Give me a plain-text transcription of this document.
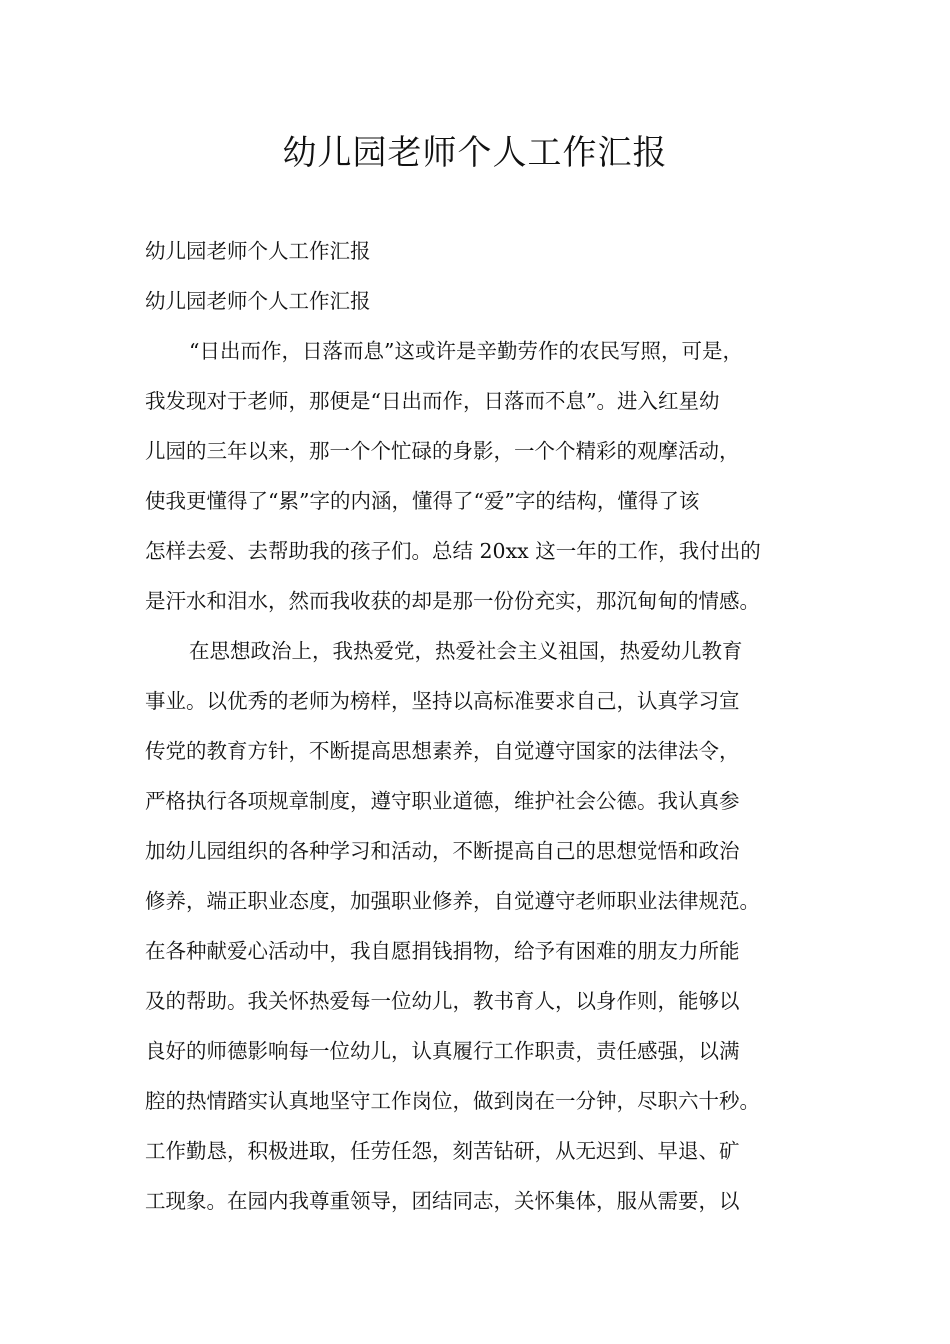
幼儿园老师个人工作汇报
幼儿园老师个人工作汇报
幼儿园老师个人工作汇报
“日出而作，日落而息”这或许是辛勤劳作的农民写照，可是，
我发现对于老师，那便是“日出而作，日落而不息”。进入红星幼
儿园的三年以来，那一个个忙碌的身影，一个个精彩的观摩活动，
使我更懂得了“累”字的内涵，懂得了“爱”字的结构，懂得了该
怎样去爱、去帮助我的孩子们。总结 20xx 这一年的工作，我付出的
是汗水和泪水，然而我收获的却是那一份份充实，那沉甸甸的情感。
在思想政治上，我热爱党，热爱社会主义祖国，热爱幼儿教育
事业。以优秀的老师为榜样，坚持以高标准要求自己，认真学习宣
传党的教育方针，不断提高思想素养，自觉遵守国家的法律法令，
严格执行各项规章制度，遵守职业道德，维护社会公德。我认真参
加幼儿园组织的各种学习和活动，不断提高自己的思想觉悟和政治
修养，端正职业态度，加强职业修养，自觉遵守老师职业法律规范。
在各种献爱心活动中，我自愿捐钱捐物，给予有困难的朋友力所能
及的帮助。我关怀热爱每一位幼儿，教书育人，以身作则，能够以
良好的师德影响每一位幼儿，认真履行工作职责，责任感强，以满
腔的热情踏实认真地坚守工作岗位，做到岗在一分钟，尽职六十秒。
工作勤恳，积极进取，任劳任怨，刻苦钻研，从无迟到、早退、矿
工现象。在园内我尊重领导，团结同志，关怀集体，服从需要，以
